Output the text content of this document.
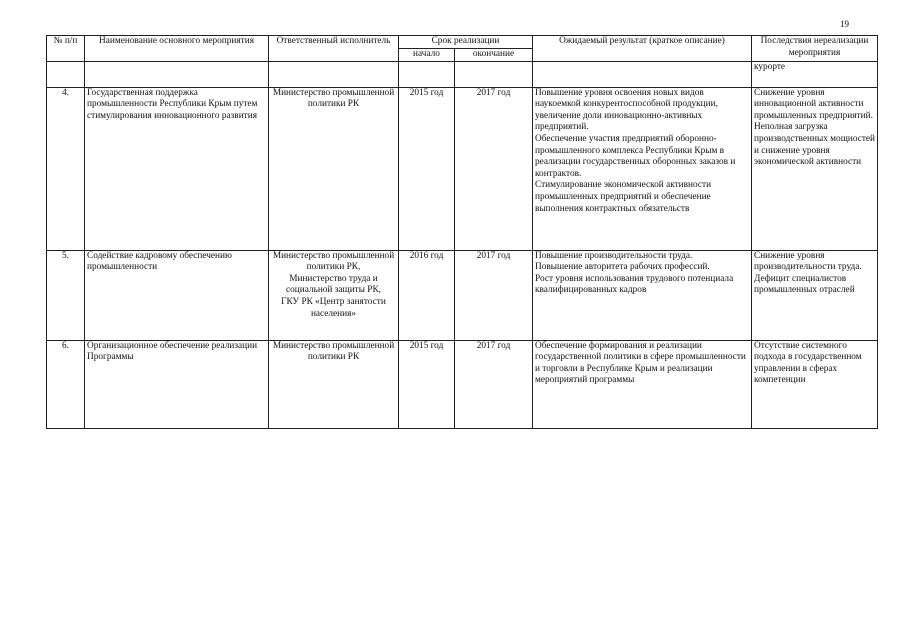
19
№ п/п	Наименование основного мероприятия	Ответственный исполнитель	Срок реализации		Ожидаемый результат (краткое описание)	Последствия нереализации мероприятия
			начало	окончание		
						курорте
4.	Государственная поддержка промышленности Республики Крым путем стимулирования инновационного развития	Министерство промышленной политики РК	2015 год	2017 год	Повышение уровня освоения новых видов наукоемкой конкурентоспособной продукции, увеличение доли инновационно-активных предприятий.
Обеспечение участия предприятий оборонно-промышленного комплекса Республики Крым в реализации государственных оборонных заказов и контрактов.
Стимулирование экономической активности промышленных предприятий и обеспечение выполнения контрактных обязательств	Снижение уровня инновационной активности промышленных предприятий.
Неполная загрузка производственных мощностей и снижение уровня экономической активности

5.	Содействие кадровому обеспечению промышленности	Министерство промышленной политики РК,
Министерство труда и социальной защиты РК,
ГКУ РК «Центр занятости населения»	2016 год	2017 год	Повышение производительности труда.
Повышение авторитета рабочих профессий.
Рост уровня использования трудового потенциала квалифицированных кадров	Снижение уровня производительности труда.
Дефицит специалистов промышленных отраслей

6.	Организационное обеспечение реализации Программы	Министерство промышленной политики РК	2015 год	2017 год	Обеспечение формирования и реализации государственной политики в сфере промышленности и торговли в Республике Крым и реализации мероприятий программы	Отсутствие системного подхода в государственном управлении в сферах компетенции
